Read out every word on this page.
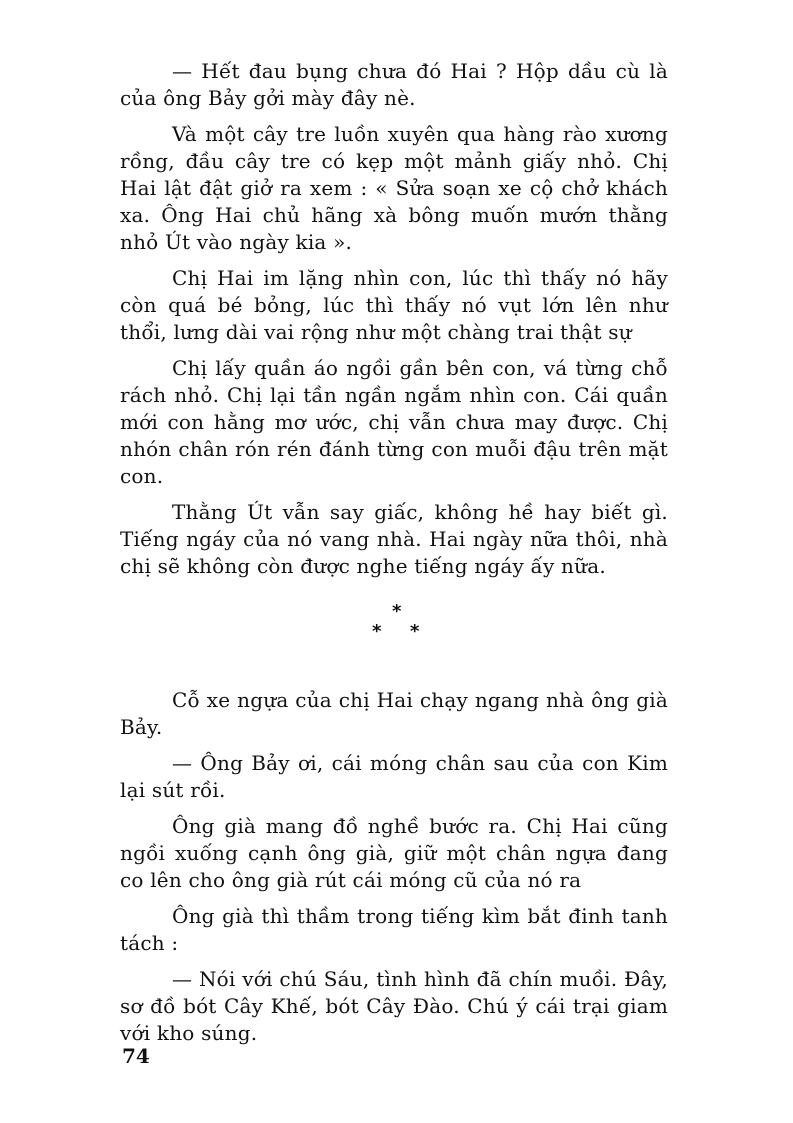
— Hết đau bụng chưa đó Hai ? Hộp dầu cù là của ông Bảy gởi mày đây nè.

Và một cây tre luồn xuyên qua hàng rào xương rồng, đầu cây tre có kẹp một mảnh giấy nhỏ. Chị Hai lật đật giở ra xem : « Sửa soạn xe cộ chở khách xa. Ông Hai chủ hãng xà bông muốn mướn thằng nhỏ Út vào ngày kia ».

Chị Hai im lặng nhìn con, lúc thì thấy nó hãy còn quá bé bỏng, lúc thì thấy nó vụt lớn lên như thổi, lưng dài vai rộng như một chàng trai thật sự

Chị lấy quần áo ngồi gần bên con, vá từng chỗ rách nhỏ. Chị lại tần ngần ngắm nhìn con. Cái quần mới con hằng mơ ước, chị vẫn chưa may được. Chị nhón chân rón rén đánh từng con muỗi đậu trên mặt con.

Thằng Út vẫn say giấc, không hề hay biết gì. Tiếng ngáy của nó vang nhà. Hai ngày nữa thôi, nhà chị sẽ không còn được nghe tiếng ngáy ấy nữa.

*
* *

Cỗ xe ngựa của chị Hai chạy ngang nhà ông già Bảy.

— Ông Bảy ơi, cái móng chân sau của con Kim lại sút rồi.

Ông già mang đồ nghề bước ra. Chị Hai cũng ngồi xuống cạnh ông già, giữ một chân ngựa đang co lên cho ông già rút cái móng cũ của nó ra

Ông già thì thầm trong tiếng kìm bắt đinh tanh tách :

— Nói với chú Sáu, tình hình đã chín muồi. Đây, sơ đồ bót Cây Khế, bót Cây Đào. Chú ý cái trại giam với kho súng.

74
